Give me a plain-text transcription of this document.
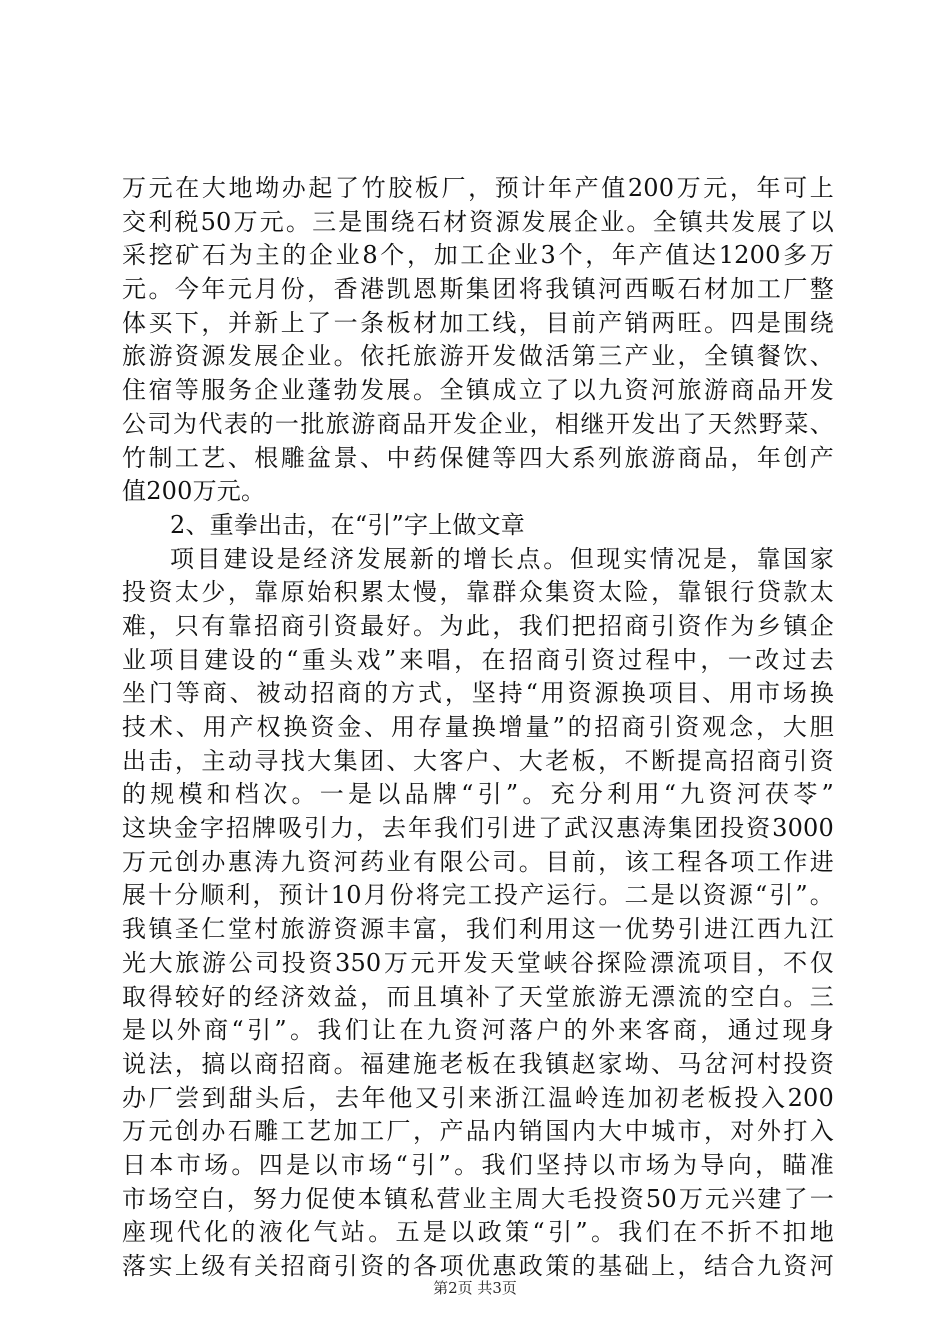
万元在大地坳办起了竹胶板厂，预计年产值200万元，年可上
交利税50万元。三是围绕石材资源发展企业。全镇共发展了以
采挖矿石为主的企业8个，加工企业3个，年产值达1200多万
元。今年元月份，香港凯恩斯集团将我镇河西畈石材加工厂整
体买下，并新上了一条板材加工线，目前产销两旺。四是围绕
旅游资源发展企业。依托旅游开发做活第三产业，全镇餐饮、
住宿等服务企业蓬勃发展。全镇成立了以九资河旅游商品开发
公司为代表的一批旅游商品开发企业，相继开发出了天然野菜、
竹制工艺、根雕盆景、中药保健等四大系列旅游商品，年创产
值200万元。
2、重拳出击，在“引”字上做文章
项目建设是经济发展新的增长点。但现实情况是，靠国家
投资太少，靠原始积累太慢，靠群众集资太险，靠银行贷款太
难，只有靠招商引资最好。为此，我们把招商引资作为乡镇企
业项目建设的“重头戏”来唱，在招商引资过程中，一改过去
坐门等商、被动招商的方式，坚持“用资源换项目、用市场换
技术、用产权换资金、用存量换增量”的招商引资观念，大胆
出击，主动寻找大集团、大客户、大老板，不断提高招商引资
的规模和档次。一是以品牌“引”。充分利用“九资河茯苓”
这块金字招牌吸引力，去年我们引进了武汉惠涛集团投资3000
万元创办惠涛九资河药业有限公司。目前，该工程各项工作进
展十分顺利，预计10月份将完工投产运行。二是以资源“引”。
我镇圣仁堂村旅游资源丰富，我们利用这一优势引进江西九江
光大旅游公司投资350万元开发天堂峡谷探险漂流项目，不仅
取得较好的经济效益，而且填补了天堂旅游无漂流的空白。三
是以外商“引”。我们让在九资河落户的外来客商，通过现身
说法，搞以商招商。福建施老板在我镇赵家坳、马岔河村投资
办厂尝到甜头后，去年他又引来浙江温岭连加初老板投入200
万元创办石雕工艺加工厂，产品内销国内大中城市，对外打入
日本市场。四是以市场“引”。我们坚持以市场为导向，瞄准
市场空白，努力促使本镇私营业主周大毛投资50万元兴建了一
座现代化的液化气站。五是以政策“引”。我们在不折不扣地
落实上级有关招商引资的各项优惠政策的基础上，结合九资河
第2页 共3页
